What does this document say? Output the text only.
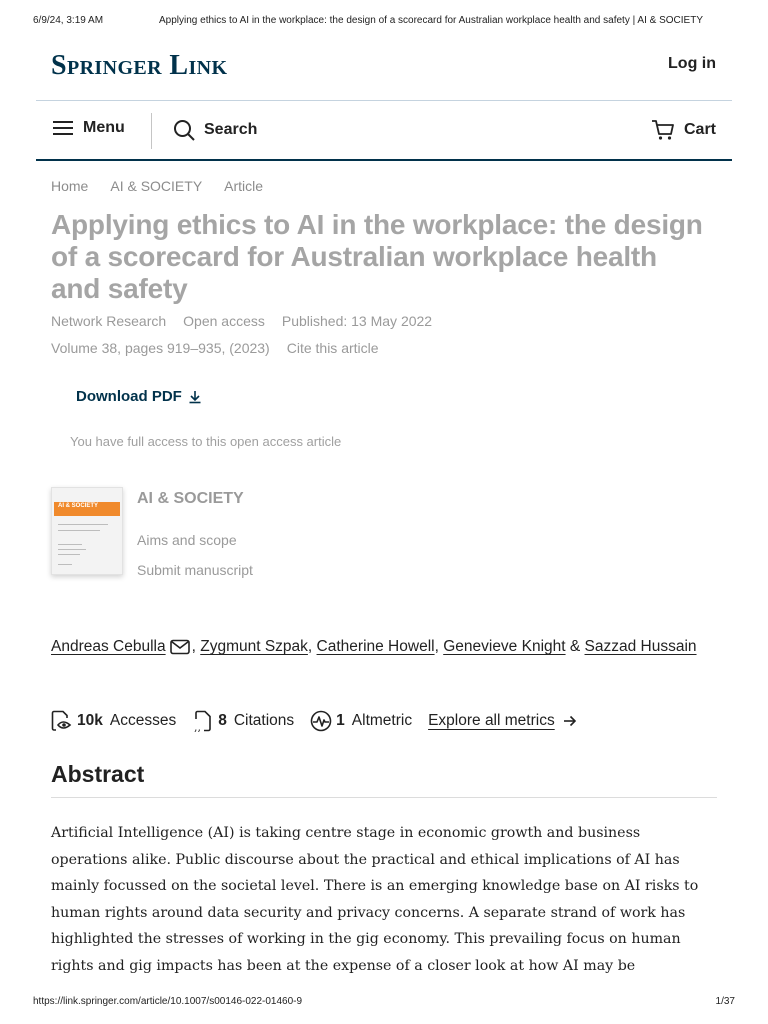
6/9/24, 3:19 AM	Applying ethics to AI in the workplace: the design of a scorecard for Australian workplace health and safety | AI & SOCIETY
Springer Link	Log in
Menu	Search	Cart
Home AI & SOCIETY Article
Applying ethics to AI in the workplace: the design of a scorecard for Australian workplace health and safety
Network Research Open access Published: 13 May 2022
Volume 38, pages 919–935, (2023) Cite this article
Download PDF
You have full access to this open access article
AI & SOCIETY AI & SOCIETY
Aims and scope
Submit manuscript
Andreas Cebulla , Zygmunt Szpak, Catherine Howell, Genevieve Knight & Sazzad Hussain
10k Accesses ,, 8 Citations	1 Altmetric Explore all metrics
Abstract

Artificial Intelligence (AI) is taking centre stage in economic growth and business operations alike. Public discourse about the practical and ethical implications of AI has mainly focussed on the societal level. There is an emerging knowledge base on AI risks to human rights around data security and privacy concerns. A separate strand of work has highlighted the stresses of working in the gig economy. This prevailing focus on human rights and gig impacts has been at the expense of a closer look at how AI may be

https://link.springer.com/article/10.1007/s00146-022-01460-9	1/37
